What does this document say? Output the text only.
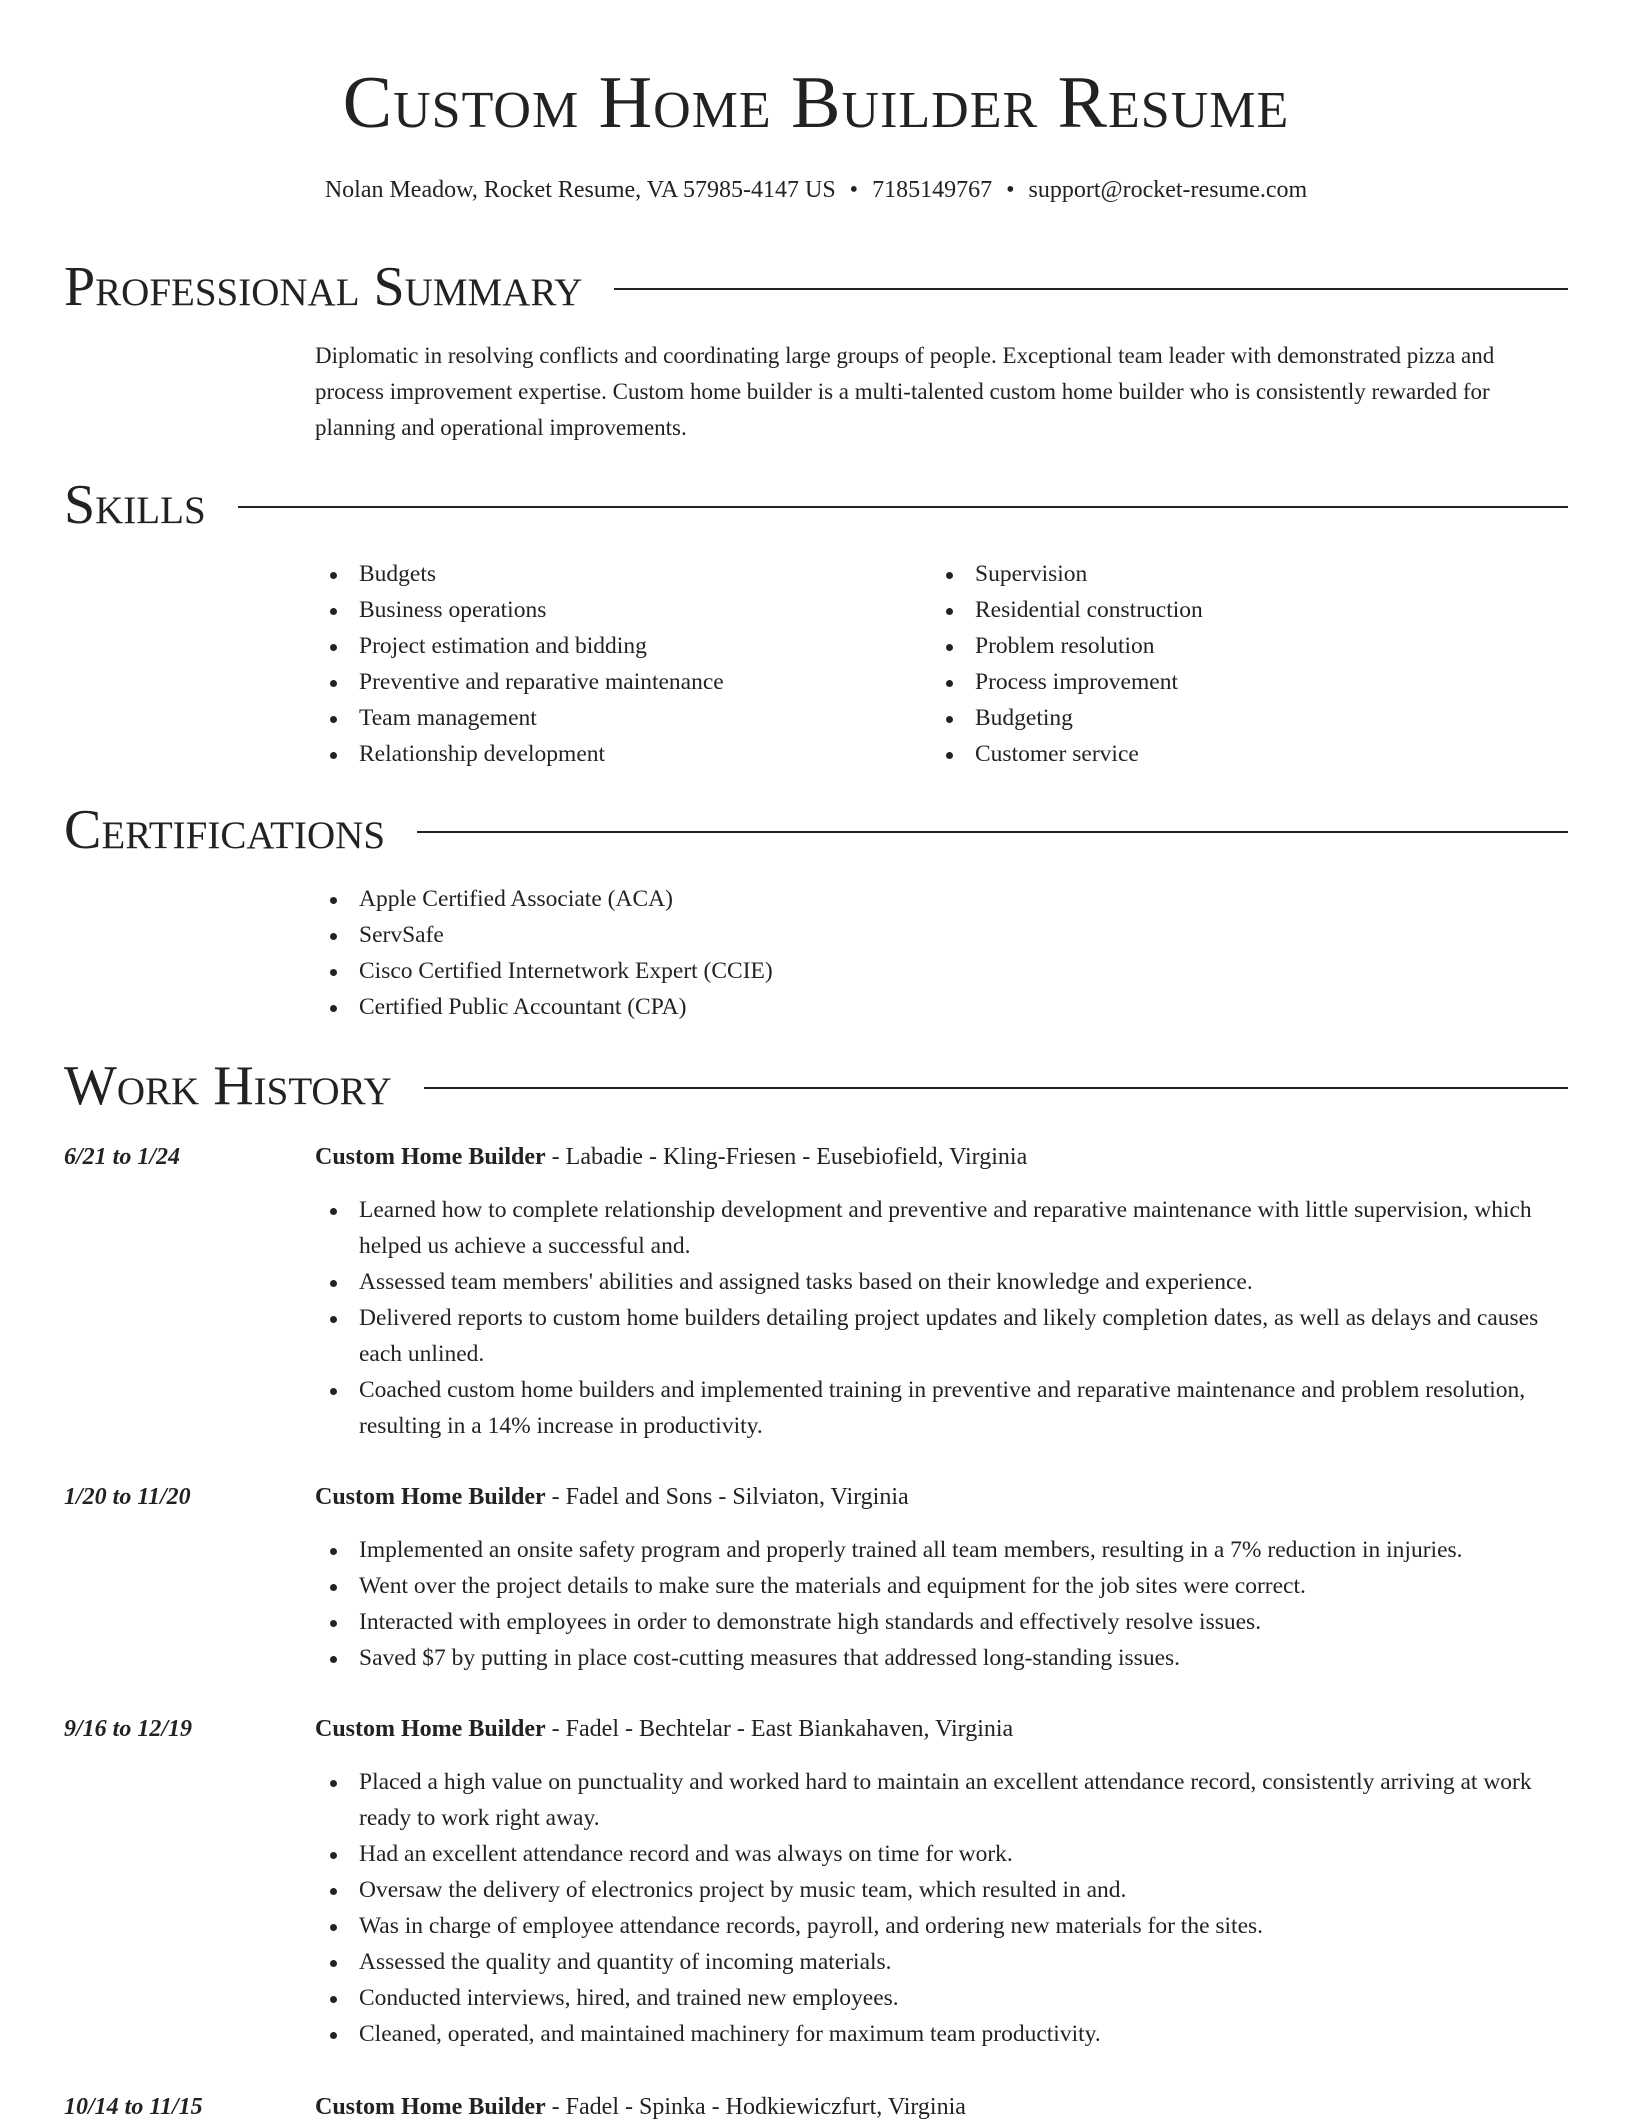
Custom Home Builder Resume
Nolan Meadow, Rocket Resume, VA 57985-4147 US • 7185149767 • support@rocket-resume.com
Professional Summary

Diplomatic in resolving conflicts and coordinating large groups of people. Exceptional team leader with demonstrated pizza and process improvement expertise. Custom home builder is a multi-talented custom home builder who is consistently rewarded for planning and operational improvements.

Skills
Budgets
Business operations
Project estimation and bidding
Preventive and reparative maintenance
Team management
Relationship development
Supervision
Residential construction
Problem resolution
Process improvement
Budgeting
Customer service
Certifications
Apple Certified Associate (ACA)
ServSafe
Cisco Certified Internetwork Expert (CCIE)
Certified Public Accountant (CPA)
Work History
6/21 to 1/24	Custom Home Builder - Labadie - Kling-Friesen - Eusebiofield, Virginia
Learned how to complete relationship development and preventive and reparative maintenance with little supervision, which helped us achieve a successful and.
Assessed team members' abilities and assigned tasks based on their knowledge and experience.
Delivered reports to custom home builders detailing project updates and likely completion dates, as well as delays and causes each unlined.
Coached custom home builders and implemented training in preventive and reparative maintenance and problem resolution, resulting in a 14% increase in productivity.
1/20 to 11/20	Custom Home Builder - Fadel and Sons - Silviaton, Virginia
Implemented an onsite safety program and properly trained all team members, resulting in a 7% reduction in injuries.
Went over the project details to make sure the materials and equipment for the job sites were correct.
Interacted with employees in order to demonstrate high standards and effectively resolve issues.
Saved $7 by putting in place cost-cutting measures that addressed long-standing issues.
9/16 to 12/19	Custom Home Builder - Fadel - Bechtelar - East Biankahaven, Virginia
Placed a high value on punctuality and worked hard to maintain an excellent attendance record, consistently arriving at work ready to work right away.
Had an excellent attendance record and was always on time for work.
Oversaw the delivery of electronics project by music team, which resulted in and.
Was in charge of employee attendance records, payroll, and ordering new materials for the sites.
Assessed the quality and quantity of incoming materials.
Conducted interviews, hired, and trained new employees.
Cleaned, operated, and maintained machinery for maximum team productivity.
10/14 to 11/15	Custom Home Builder - Fadel - Spinka - Hodkiewiczfurt, Virginia
